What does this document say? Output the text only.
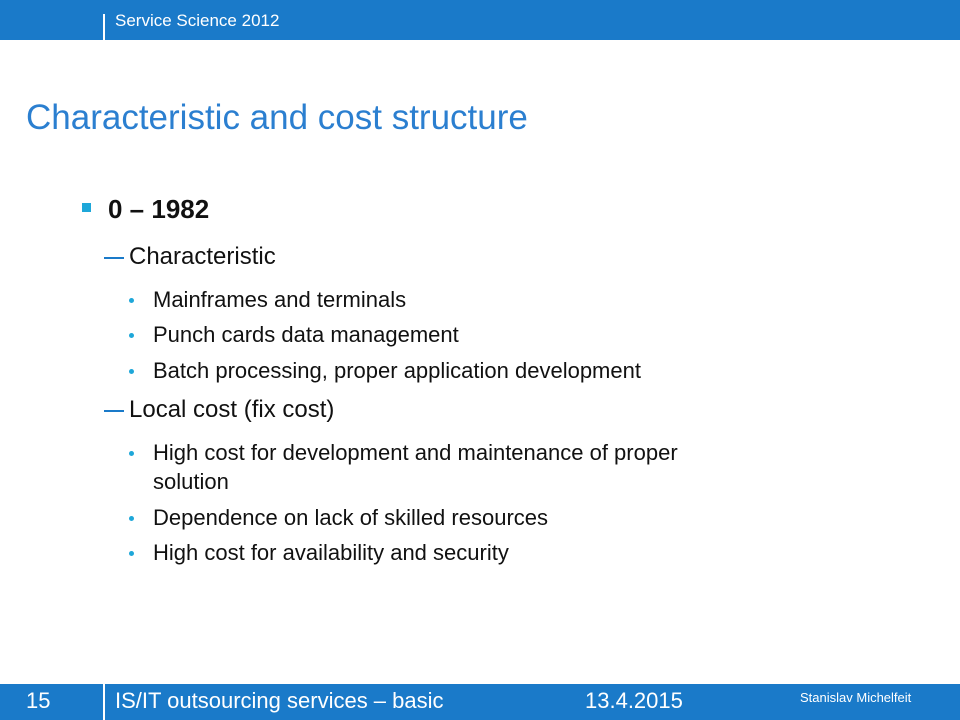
Service Science 2012
Characteristic and cost structure
0 – 1982
Characteristic
Mainframes and terminals
Punch cards data management
Batch processing, proper application development
Local cost (fix cost)
High cost for development and maintenance of proper
solution
Dependence on lack of skilled resources
High cost for availability and security
15	IS/IT outsourcing services – basic	13.4.2015	Stanislav Michelfeit
